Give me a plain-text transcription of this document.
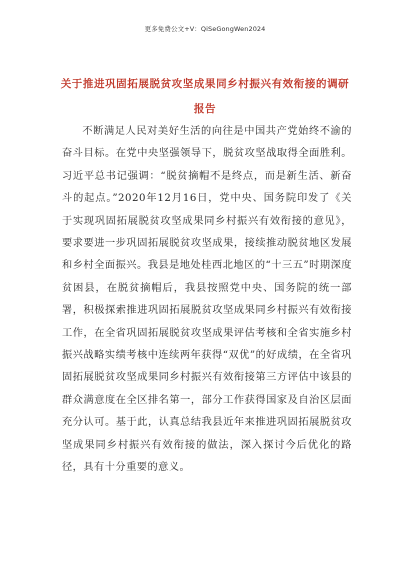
更多免费公文+V：QiSeGongWen2024
关于推进巩固拓展脱贫攻坚成果同乡村振兴有效衔接的调研报告

不断满足人民对美好生活的向往是中国共产党始终不渝的奋斗目标。在党中央坚强领导下，脱贫攻坚战取得全面胜利。习近平总书记强调：“脱贫摘帽不是终点，而是新生活、新奋斗的起点。”2020年12月16日，党中央、国务院印发了《关于实现巩固拓展脱贫攻坚成果同乡村振兴有效衔接的意见》，要求要进一步巩固拓展脱贫攻坚成果，接续推动脱贫地区发展和乡村全面振兴。我县是地处桂西北地区的“十三五”时期深度贫困县，在脱贫摘帽后，我县按照党中央、国务院的统一部署，积极探索推进巩固拓展脱贫攻坚成果同乡村振兴有效衔接工作，在全省巩固拓展脱贫攻坚成果评估考核和全省实施乡村振兴战略实绩考核中连续两年获得“双优”的好成绩，在全省巩固拓展脱贫攻坚成果同乡村振兴有效衔接第三方评估中该县的群众满意度在全区排名第一，部分工作获得国家及自治区层面充分认可。基于此，认真总结我县近年来推进巩固拓展脱贫攻坚成果同乡村振兴有效衔接的做法，深入探讨今后优化的路径，具有十分重要的意义。
